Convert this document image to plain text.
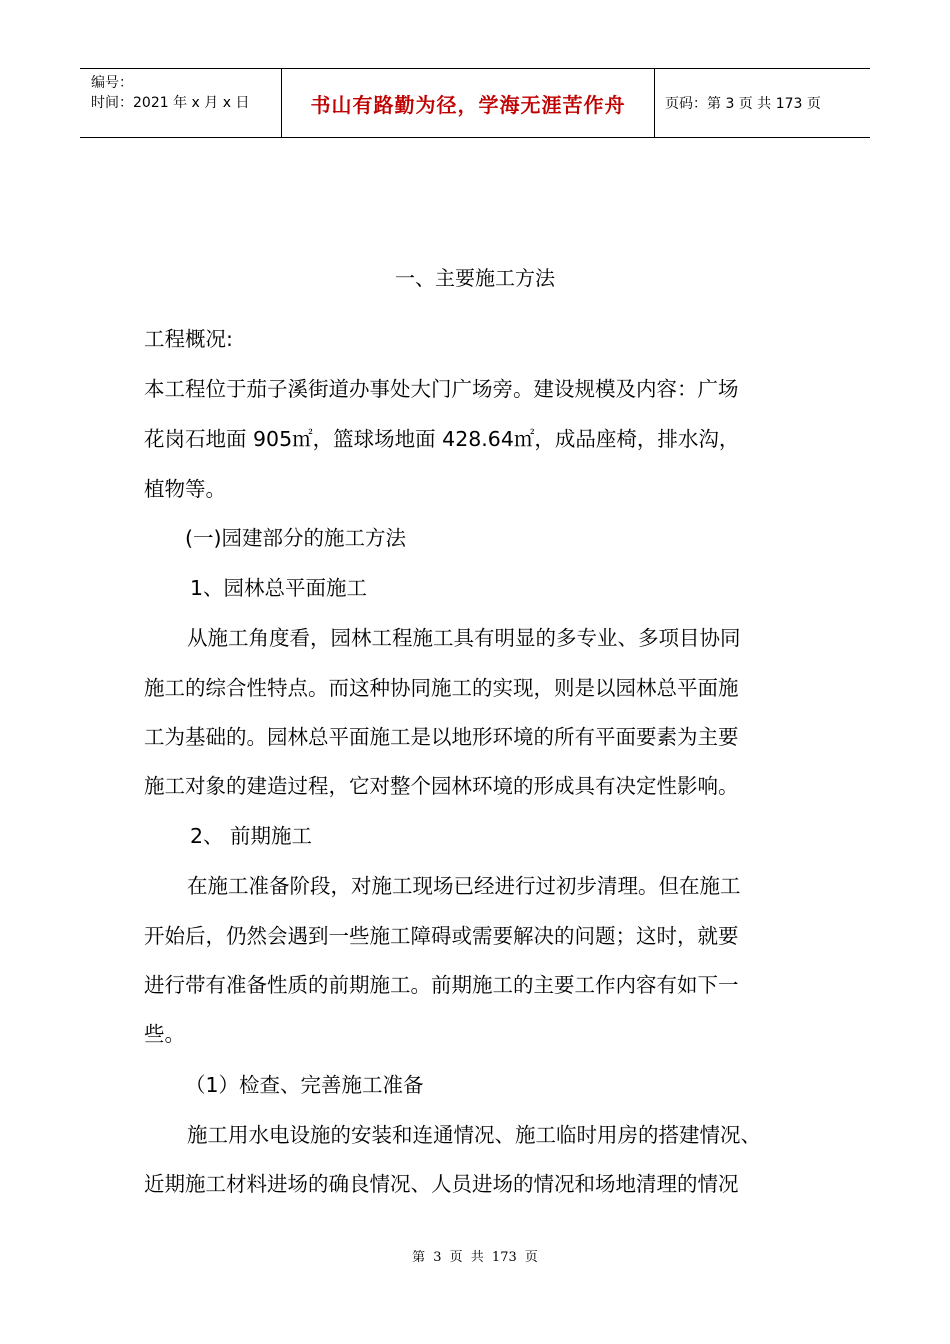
编号：
时间：2021 年 x 月 x 日	书山有路勤为径，学海无涯苦作舟	页码：第 3 页 共 173 页
一、主要施工方法
工程概况:
本工程位于茄子溪街道办事处大门广场旁。建设规模及内容：广场
花岗石地面 905㎡，篮球场地面 428.64㎡，成品座椅，排水沟，
植物等。
(一)园建部分的施工方法
1、园林总平面施工
从施工角度看，园林工程施工具有明显的多专业、多项目协同
施工的综合性特点。而这种协同施工的实现，则是以园林总平面施
工为基础的。园林总平面施工是以地形环境的所有平面要素为主要
施工对象的建造过程，它对整个园林环境的形成具有决定性影响。
2、 前期施工
在施工准备阶段，对施工现场已经进行过初步清理。但在施工
开始后，仍然会遇到一些施工障碍或需要解决的问题；这时，就要
进行带有准备性质的前期施工。前期施工的主要工作内容有如下一
些。
（1）检查、完善施工准备
施工用水电设施的安装和连通情况、施工临时用房的搭建情况、
近期施工材料进场的确良情况、人员进场的情况和场地清理的情况
第 3 页 共 173 页
